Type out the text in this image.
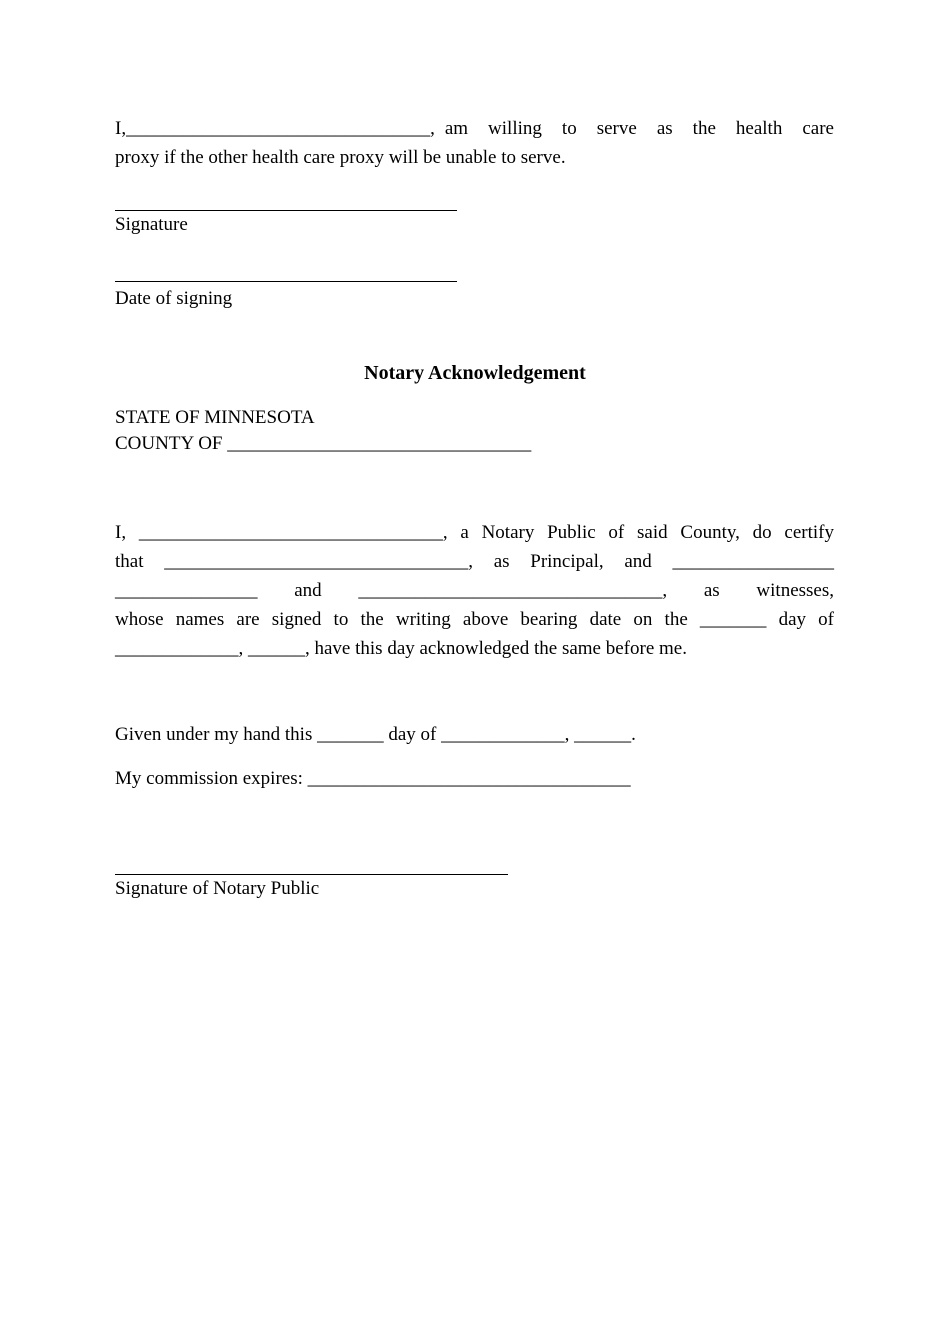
I, ________________________________, am willing to serve as the health care
proxy if the other health care proxy will be unable to serve.
Signature
Date of signing
Notary Acknowledgement
STATE OF MINNESOTA
COUNTY OF ________________________________
I, ________________________________, a Notary Public of said County, do certify
that ________________________________, as Principal, and _________________
_______________ and ________________________________, as witnesses,
whose names are signed to the writing above bearing date on the _______ day of
_____________, ______, have this day acknowledged the same before me.
Given under my hand this _______ day of _____________, ______.
My commission expires: __________________________________
Signature of Notary Public
